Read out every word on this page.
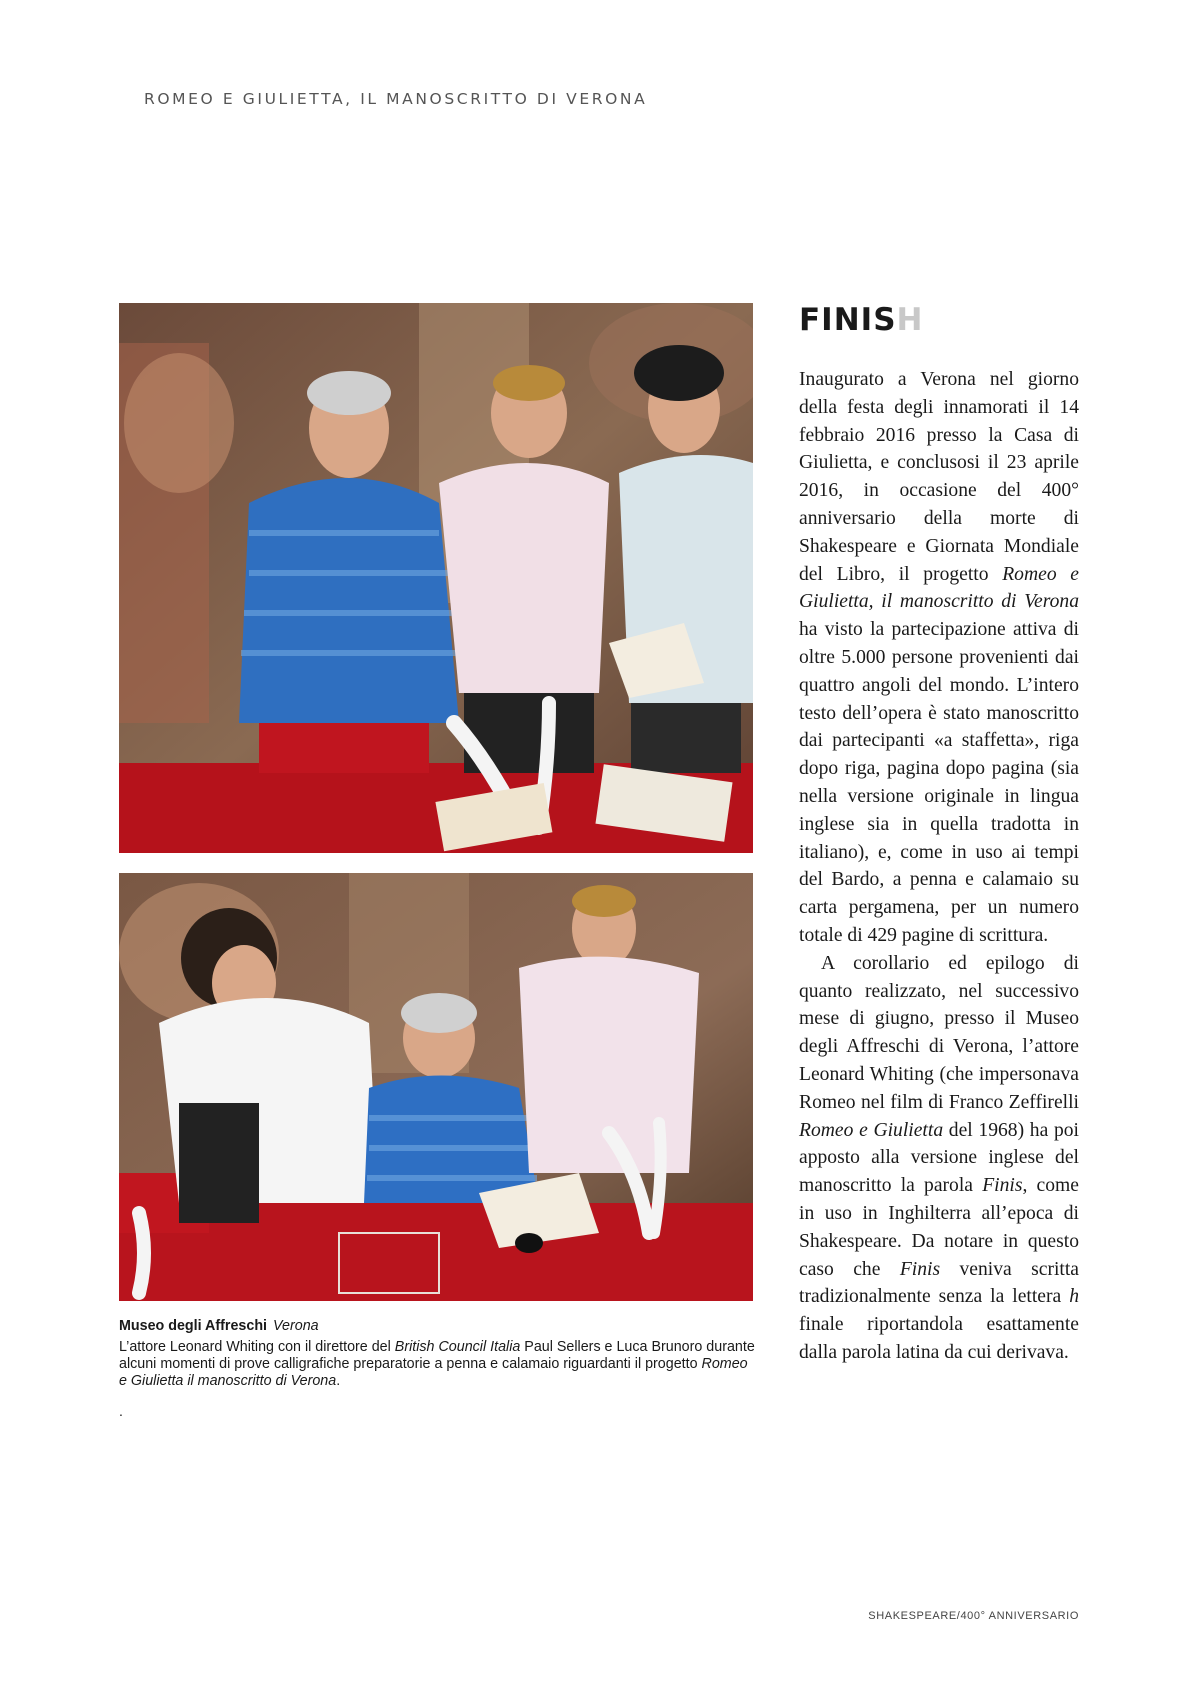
ROMEO E GIULIETTA, IL MANOSCRITTO DI VERONA
Museo degli Affreschi Verona

L’attore Leonard Whiting con il direttore del British Council Italia Paul Sellers e Luca Brunoro durante alcuni momenti di prove calligrafiche preparatorie a penna e calamaio riguardanti il progetto Romeo e Giulietta il manoscritto di Verona.

.
FINISH

Inaugurato a Verona nel giorno della festa degli innamorati il 14 febbraio 2016 presso la Casa di Giulietta, e conclusosi il 23 aprile 2016, in occasione del 400° anniversario della morte di Shakespeare e Giornata Mondiale del Libro, il progetto Romeo e Giulietta, il manoscritto di Verona ha visto la partecipazione attiva di oltre 5.000 persone provenienti dai quattro angoli del mondo. L’intero testo dell’opera è stato manoscritto dai partecipanti «a staffetta», riga dopo riga, pagina dopo pagina (sia nella versione originale in lingua inglese sia in quella tradotta in italiano), e, come in uso ai tempi del Bardo, a penna e calamaio su carta pergamena, per un numero totale di 429 pagine di scrittura.

A corollario ed epilogo di quanto realizzato, nel successivo mese di giugno, presso il Museo degli Affreschi di Verona, l’attore Leonard Whiting (che impersonava Romeo nel film di Franco Zeffirelli Romeo e Giulietta del 1968) ha poi apposto alla versione inglese del manoscritto la parola Finis, come in uso in Inghilterra all’epoca di Shakespeare. Da notare in questo caso che Finis veniva scritta tradizionalmente senza la lettera h finale riportandola esattamente dalla parola latina da cui derivava.

SHAKESPEARE/400° ANNIVERSARIO
